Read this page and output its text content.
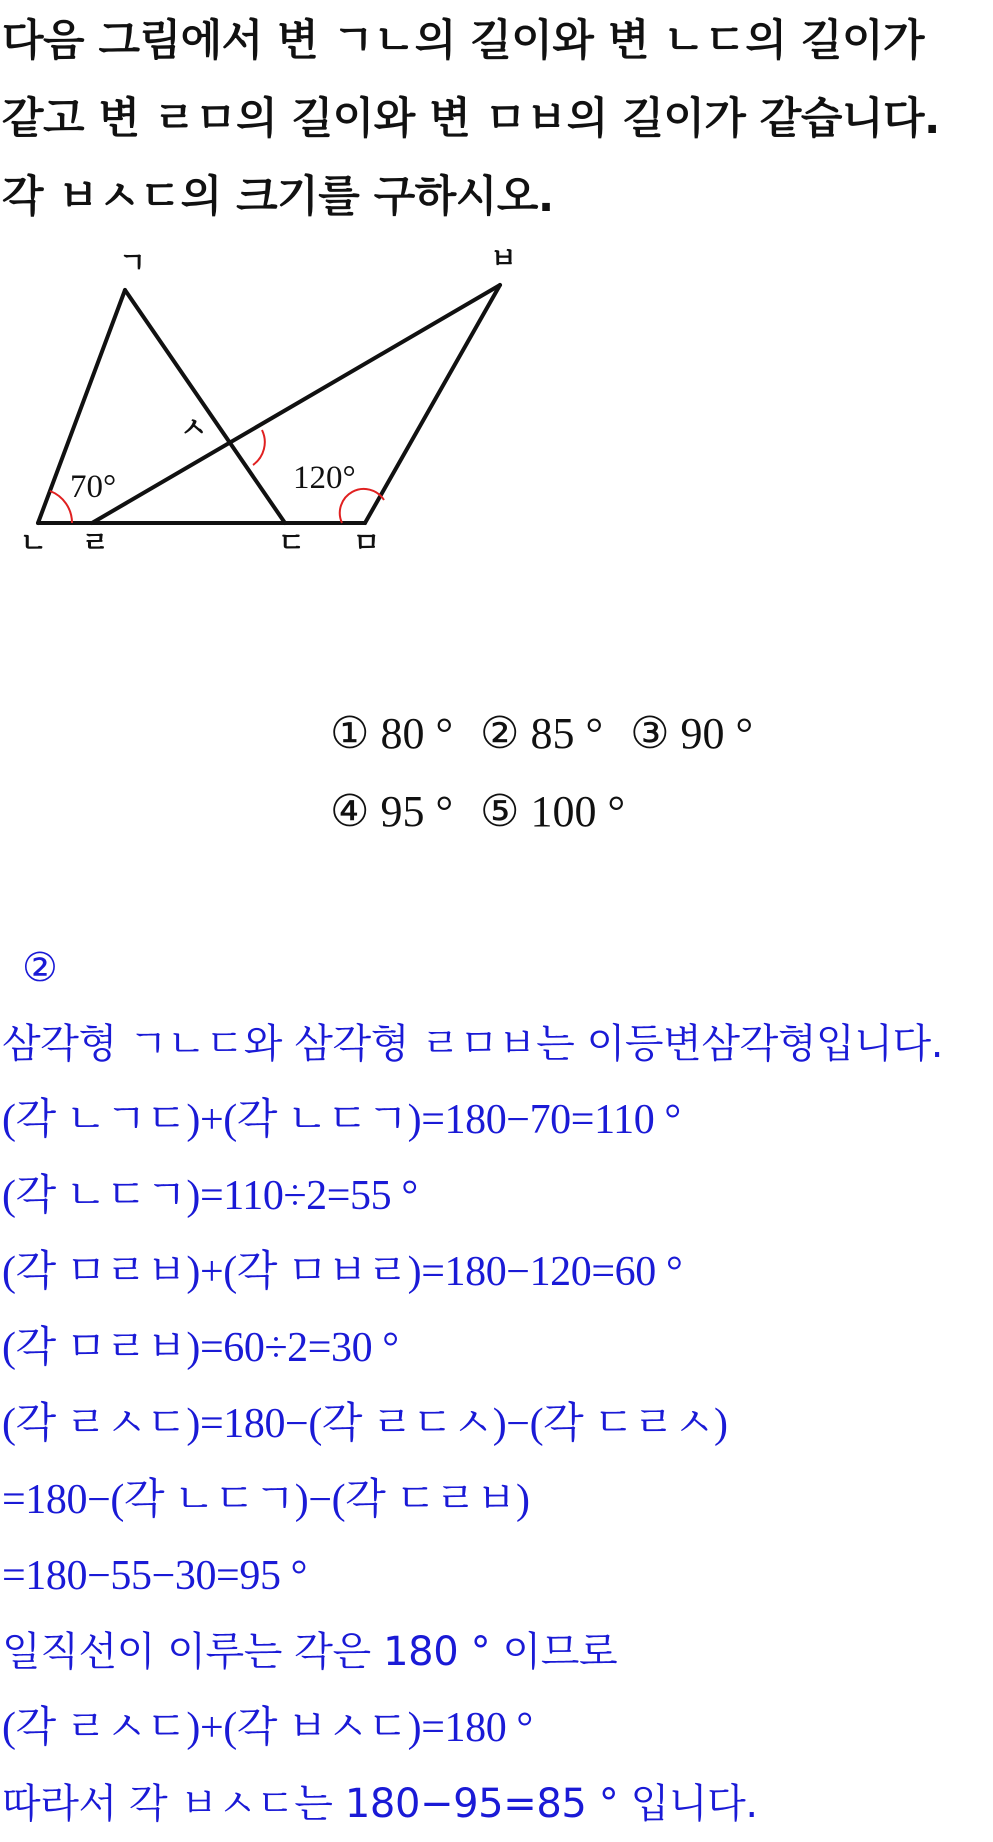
다음 그림에서 변 ㄱㄴ의 길이와 변 ㄴㄷ의 길이가
같고 변 ㄹㅁ의 길이와 변 ㅁㅂ의 길이가 같습니다.
각 ㅂㅅㄷ의 크기를 구하시오.
ㄱ	ㅂ
ㅅ
ㄴ ㄹ	ㄷ ㅁ
70°	120°
① 80 ° ② 85 ° ③ 90 °
④ 95 ° ⑤ 100 °
②
삼각형 ㄱㄴㄷ와 삼각형 ㄹㅁㅂ는 이등변삼각형입니다.
(각 ㄴㄱㄷ)+(각 ㄴㄷㄱ)=180−70=110 °
(각 ㄴㄷㄱ)=110÷2=55 °
(각 ㅁㄹㅂ)+(각 ㅁㅂㄹ)=180−120=60 °
(각 ㅁㄹㅂ)=60÷2=30 °
(각 ㄹㅅㄷ)=180−(각 ㄹㄷㅅ)−(각 ㄷㄹㅅ)
=180−(각 ㄴㄷㄱ)−(각 ㄷㄹㅂ)
=180−55−30=95 °
일직선이 이루는 각은 180 ° 이므로
(각 ㄹㅅㄷ)+(각 ㅂㅅㄷ)=180 °
따라서 각 ㅂㅅㄷ는 180−95=85 ° 입니다.
